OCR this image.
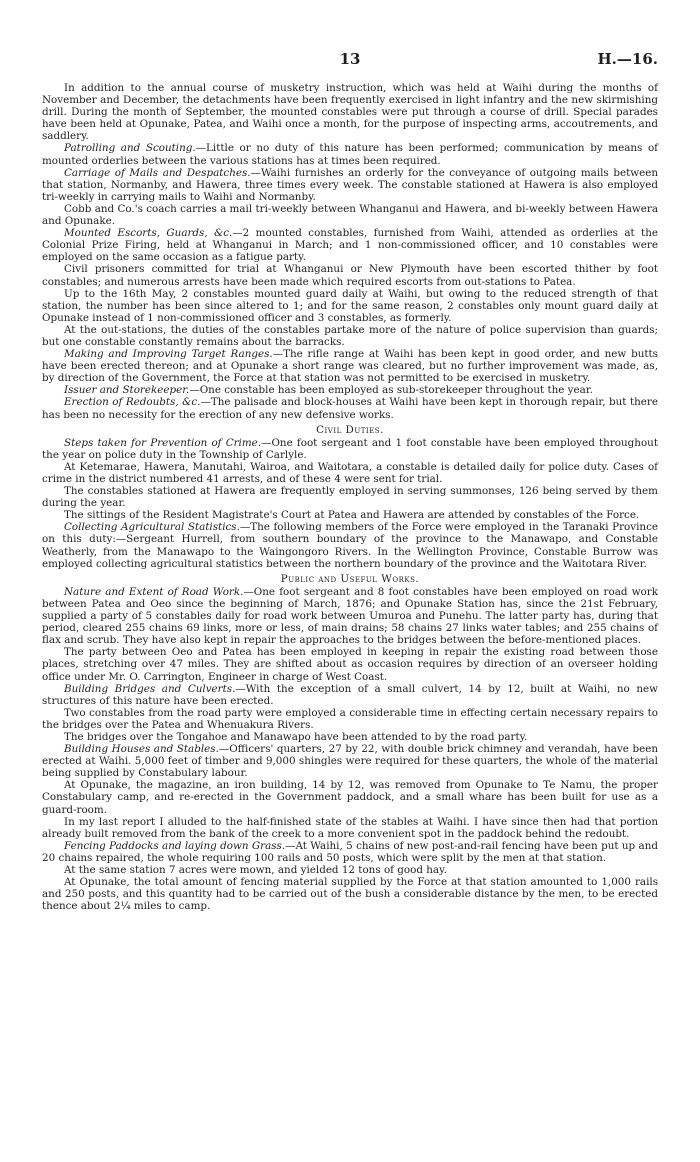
13	H.—16.

In addition to the annual course of musketry instruction, which was held at Waihi during the months of November and December, the detachments have been frequently exercised in light infantry and the new skirmishing drill. During the month of September, the mounted constables were put through a course of drill. Special parades have been held at Opunake, Patea, and Waihi once a month, for the purpose of inspecting arms, accoutrements, and saddlery.

Patrolling and Scouting.—Little or no duty of this nature has been performed; communication by means of mounted orderlies between the various stations has at times been required.

Carriage of Mails and Despatches.—Waihi furnishes an orderly for the conveyance of outgoing mails between that station, Normanby, and Hawera, three times every week. The constable stationed at Hawera is also employed tri-weekly in carrying mails to Waihi and Normanby.

Cobb and Co.'s coach carries a mail tri-weekly between Whanganui and Hawera, and bi-weekly between Hawera and Opunake.

Mounted Escorts, Guards, &c.—2 mounted constables, furnished from Waihi, attended as orderlies at the Colonial Prize Firing, held at Whanganui in March; and 1 non-commissioned officer, and 10 constables were employed on the same occasion as a fatigue party.

Civil prisoners committed for trial at Whanganui or New Plymouth have been escorted thither by foot constables; and numerous arrests have been made which required escorts from out-stations to Patea.

Up to the 16th May, 2 constables mounted guard daily at Waihi, but owing to the reduced strength of that station, the number has been since altered to 1; and for the same reason, 2 constables only mount guard daily at Opunake instead of 1 non-commissioned officer and 3 constables, as formerly.

At the out-stations, the duties of the constables partake more of the nature of police supervision than guards; but one constable constantly remains about the barracks.

Making and Improving Target Ranges.—The rifle range at Waihi has been kept in good order, and new butts have been erected thereon; and at Opunake a short range was cleared, but no further improvement was made, as, by direction of the Government, the Force at that station was not permitted to be exercised in musketry.

Issuer and Storekeeper.—One constable has been employed as sub-storekeeper throughout the year.

Erection of Redoubts, &c.—The palisade and block-houses at Waihi have been kept in thorough repair, but there has been no necessity for the erection of any new defensive works.

Civil Duties.

Steps taken for Prevention of Crime.—One foot sergeant and 1 foot constable have been employed throughout the year on police duty in the Township of Carlyle.

At Ketemarae, Hawera, Manutahi, Wairoa, and Waitotara, a constable is detailed daily for police duty. Cases of crime in the district numbered 41 arrests, and of these 4 were sent for trial.

The constables stationed at Hawera are frequently employed in serving summonses, 126 being served by them during the year.

The sittings of the Resident Magistrate's Court at Patea and Hawera are attended by constables of the Force.

Collecting Agricultural Statistics.—The following members of the Force were employed in the Taranaki Province on this duty:—Sergeant Hurrell, from southern boundary of the province to the Manawapo, and Constable Weatherly, from the Manawapo to the Waingongoro Rivers. In the Wellington Province, Constable Burrow was employed collecting agricultural statistics between the northern boundary of the province and the Waitotara River.

Public and Useful Works.

Nature and Extent of Road Work.—One foot sergeant and 8 foot constables have been employed on road work between Patea and Oeo since the beginning of March, 1876; and Opunake Station has, since the 21st February, supplied a party of 5 constables daily for road work between Umuroa and Punehu. The latter party has, during that period, cleared 255 chains 69 links, more or less, of main drains; 58 chains 27 links water tables; and 255 chains of flax and scrub. They have also kept in repair the approaches to the bridges between the before-mentioned places.

The party between Oeo and Patea has been employed in keeping in repair the existing road between those places, stretching over 47 miles. They are shifted about as occasion requires by direction of an overseer holding office under Mr. O. Carrington, Engineer in charge of West Coast.

Building Bridges and Culverts.—With the exception of a small culvert, 14 by 12, built at Waihi, no new structures of this nature have been erected.

Two constables from the road party were employed a considerable time in effecting certain necessary repairs to the bridges over the Patea and Whenuakura Rivers.

The bridges over the Tongahoe and Manawapo have been attended to by the road party.

Building Houses and Stables.—Officers' quarters, 27 by 22, with double brick chimney and verandah, have been erected at Waihi. 5,000 feet of timber and 9,000 shingles were required for these quarters, the whole of the material being supplied by Constabulary labour.

At Opunake, the magazine, an iron building, 14 by 12, was removed from Opunake to Te Namu, the proper Constabulary camp, and re-erected in the Government paddock, and a small whare has been built for use as a guard-room.

In my last report I alluded to the half-finished state of the stables at Waihi. I have since then had that portion already built removed from the bank of the creek to a more convenient spot in the paddock behind the redoubt.

Fencing Paddocks and laying down Grass.—At Waihi, 5 chains of new post-and-rail fencing have been put up and 20 chains repaired, the whole requiring 100 rails and 50 posts, which were split by the men at that station.

At the same station 7 acres were mown, and yielded 12 tons of good hay.

At Opunake, the total amount of fencing material supplied by the Force at that station amounted to 1,000 rails and 250 posts, and this quantity had to be carried out of the bush a considerable distance by the men, to be erected thence about 2¼ miles to camp.
